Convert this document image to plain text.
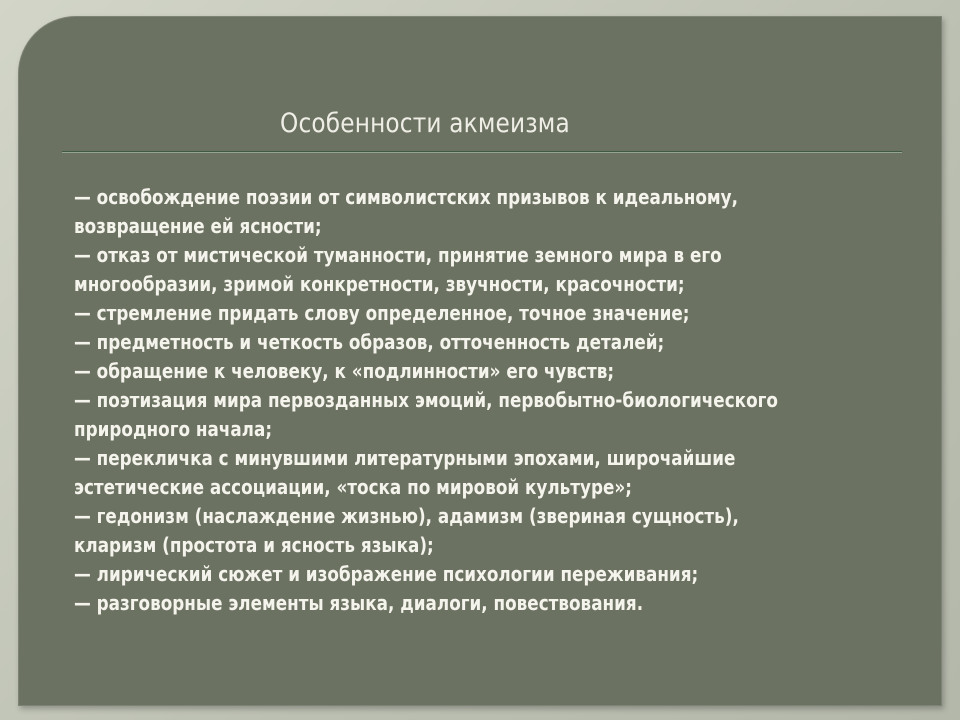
Особенности акмеизма
— освобождение поэзии от символистских призывов к идеальному,
возвращение ей ясности;
— отказ от мистической туманности, принятие земного мира в его
многообразии, зримой конкретности, звучности, красочности;
— стремление придать слову определенное, точное значение;
— предметность и четкость образов, отточенность деталей;
— обращение к человеку, к «подлинности» его чувств;
— поэтизация мира первозданных эмоций, первобытно-биологического
природного начала;
— перекличка с минувшими литературными эпохами, широчайшие
эстетические ассоциации, «тоска по мировой культуре»;
— гедонизм (наслаждение жизнью), адамизм (звериная сущность),
кларизм (простота и ясность языка);
— лирический сюжет и изображение психологии переживания;
— разговорные элементы языка, диалоги, повествования.
